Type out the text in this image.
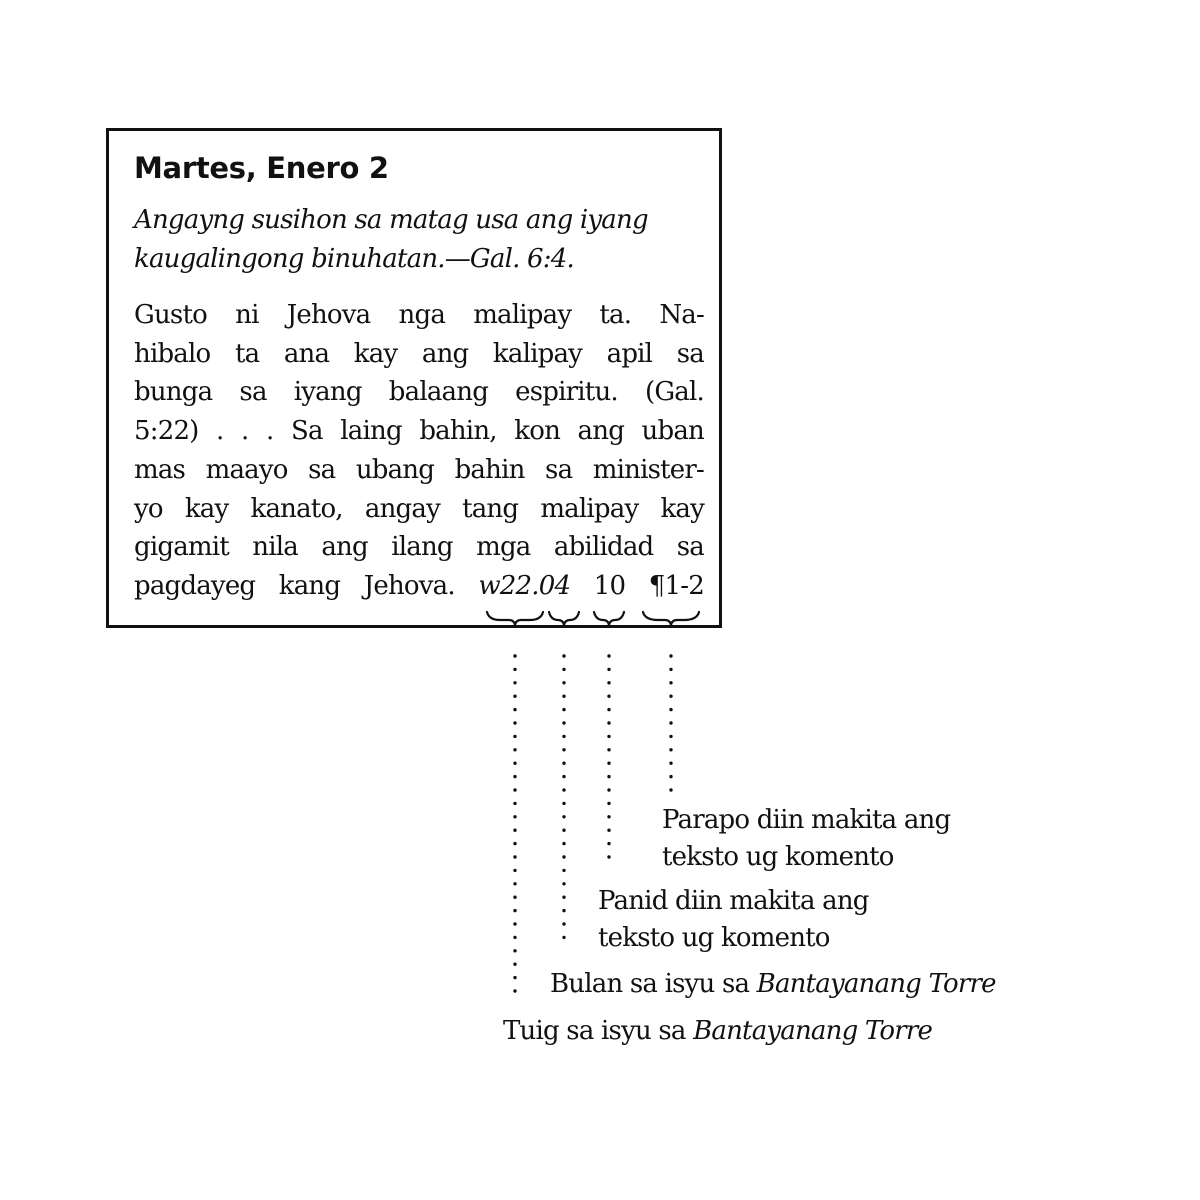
Martes, Enero 2
Angayng susihon sa matag usa ang iyang
kaugalingong binuhatan.—Gal. 6:4.
Gusto ni Jehova nga malipay ta. Na-
hibalo ta ana kay ang kalipay apil sa
bunga sa iyang balaang espiritu. (Gal.
5:22) . . . Sa laing bahin, kon ang uban
mas maayo sa ubang bahin sa minister-
yo kay kanato, angay tang malipay kay
gigamit nila ang ilang mga abilidad sa
pagdayeg kang Jehova. w22.04 10 ¶1-2
Parapo diin makita ang
teksto ug komento
Panid diin makita ang
teksto ug komento
Bulan sa isyu sa Bantayanang Torre
Tuig sa isyu sa Bantayanang Torre
